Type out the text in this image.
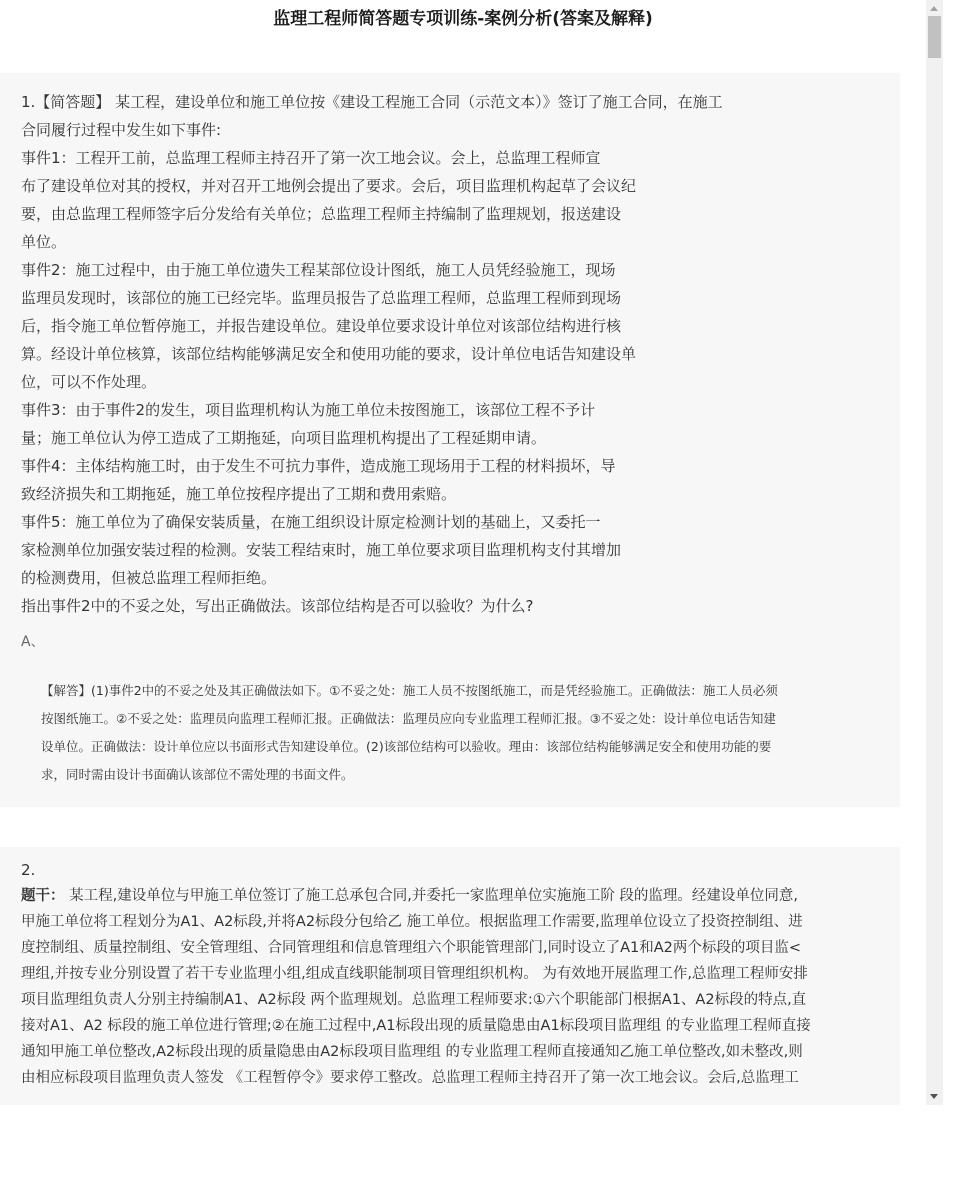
监理工程师简答题专项训练-案例分析(答案及解释)
1.【简答题】 某工程，建设单位和施工单位按《建设工程施工合同（示范文本）》签订了施工合同，在施工
合同履行过程中发生如下事件:
事件1：工程开工前，总监理工程师主持召开了第一次工地会议。会上，总监理工程师宣
布了建设单位对其的授权，并对召开工地例会提出了要求。会后，项目监理机构起草了会议纪
要，由总监理工程师签字后分发给有关单位；总监理工程师主持编制了监理规划，报送建设
单位。
事件2：施工过程中，由于施工单位遗失工程某部位设计图纸，施工人员凭经验施工，现场
监理员发现时，该部位的施工已经完毕。监理员报告了总监理工程师，总监理工程师到现场
后，指令施工单位暂停施工，并报告建设单位。建设单位要求设计单位对该部位结构进行核
算。经设计单位核算，该部位结构能够满足安全和使用功能的要求，设计单位电话告知建设单
位，可以不作处理。
事件3：由于事件2的发生，项目监理机构认为施工单位未按图施工，该部位工程不予计
量；施工单位认为停工造成了工期拖延，向项目监理机构提出了工程延期申请。
事件4：主体结构施工时，由于发生不可抗力事件，造成施工现场用于工程的材料损坏，导
致经济损失和工期拖延，施工单位按程序提出了工期和费用索赔。
事件5：施工单位为了确保安装质量，在施工组织设计原定检测计划的基础上，又委托一
家检测单位加强安装过程的检测。安装工程结束时，施工单位要求项目监理机构支付其增加
的检测费用，但被总监理工程师拒绝。
指出事件2中的不妥之处，写出正确做法。该部位结构是否可以验收？为什么?
A、
【解答】(1)事件2中的不妥之处及其正确做法如下。①不妥之处：施工人员不按图纸施工，而是凭经验施工。正确做法：施工人员必须
按图纸施工。②不妥之处：监理员向监理工程师汇报。正确做法：监理员应向专业监理工程师汇报。③不妥之处：设计单位电话告知建
设单位。正确做法：设计单位应以书面形式告知建设单位。(2)该部位结构可以验收。理由：该部位结构能够满足安全和使用功能的要
求，同时需由设计书面确认该部位不需处理的书面文件。
2.
题干： 某工程,建设单位与甲施工单位签订了施工总承包合同,并委托一家监理单位实施施工阶 段的监理。经建设单位同意,
甲施工单位将工程划分为A1、A2标段,并将A2标段分包给乙 施工单位。根据监理工作需要,监理单位设立了投资控制组、进
度控制组、质量控制组、安全管理组、合同管理组和信息管理组六个职能管理部门,同时设立了A1和A2两个标段的项目监<
理组,并按专业分别设置了若干专业监理小组,组成直线职能制项目管理组织机构。 为有效地开展监理工作,总监理工程师安排
项目监理组负责人分别主持编制A1、A2标段 两个监理规划。总监理工程师要求:①六个职能部门根据A1、A2标段的特点,直
接对A1、A2 标段的施工单位进行管理;②在施工过程中,A1标段出现的质量隐患由A1标段项目监理组 的专业监理工程师直接
通知甲施工单位整改,A2标段出现的质量隐患由A2标段项目监理组 的专业监理工程师直接通知乙施工单位整改,如未整改,则
由相应标段项目监理负责人签发 《工程暂停令》要求停工整改。总监理工程师主持召开了第一次工地会议。会后,总监理工
